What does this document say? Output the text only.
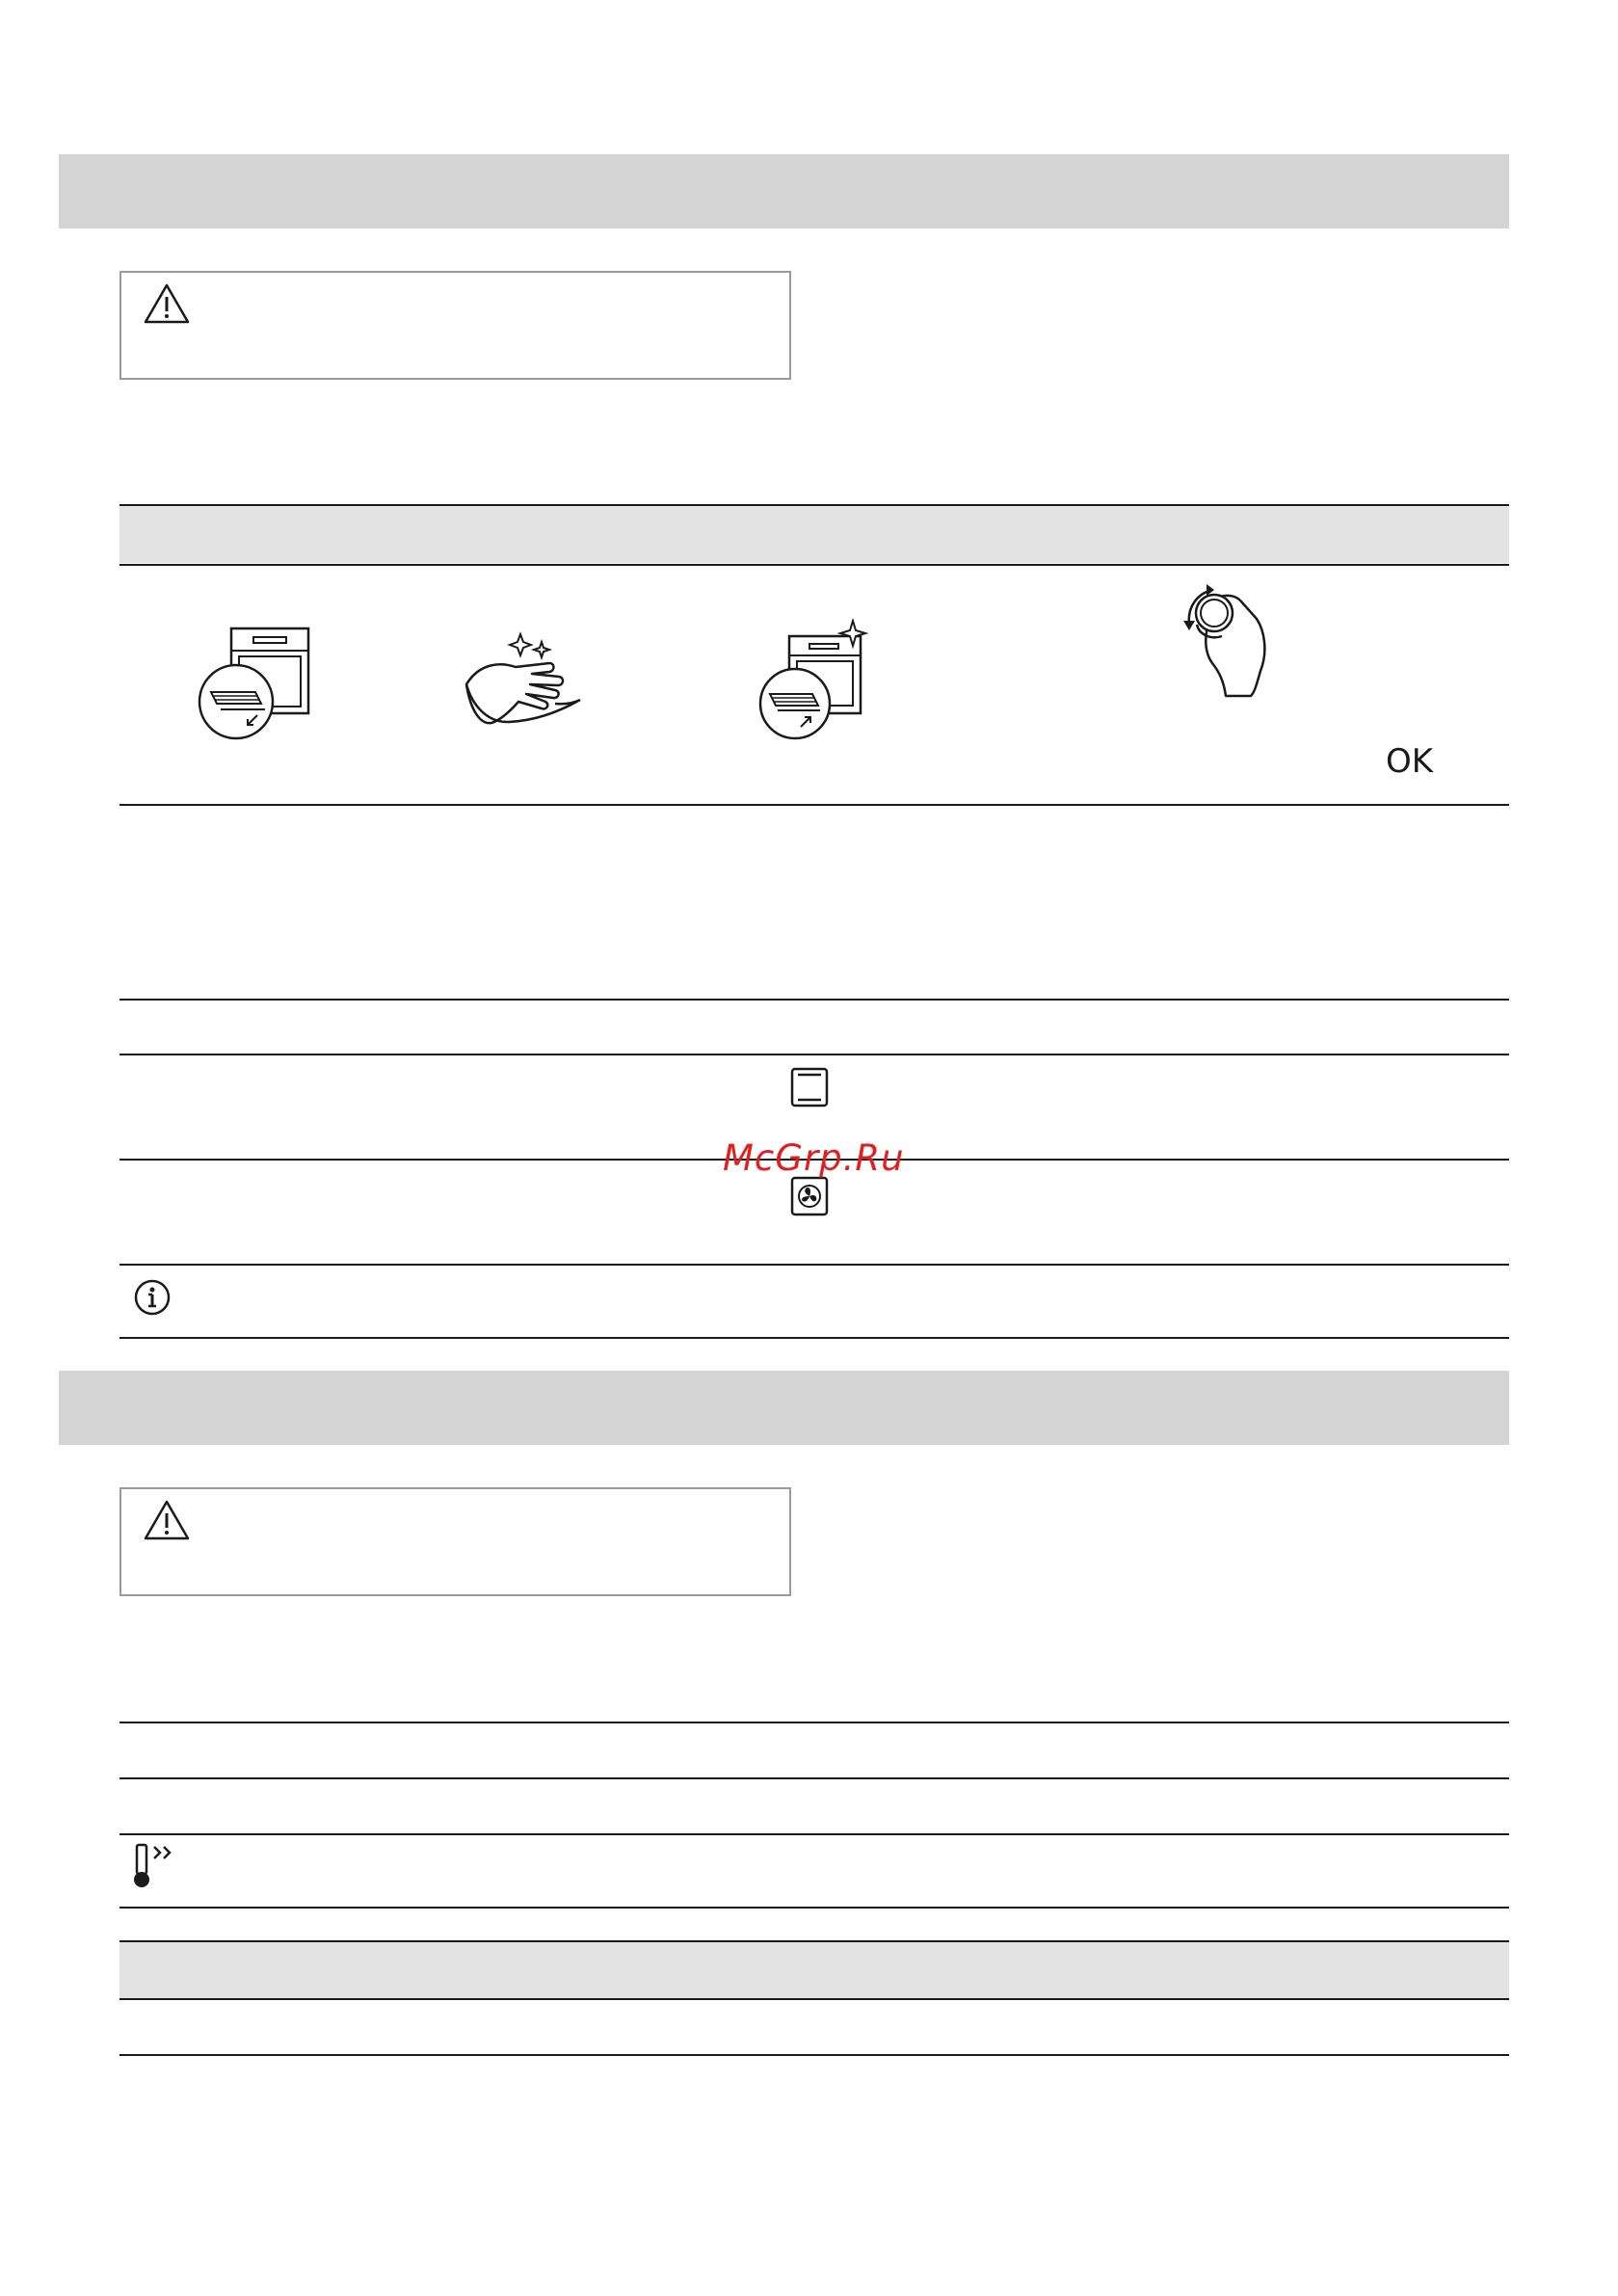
OK
McGrp.Ru
